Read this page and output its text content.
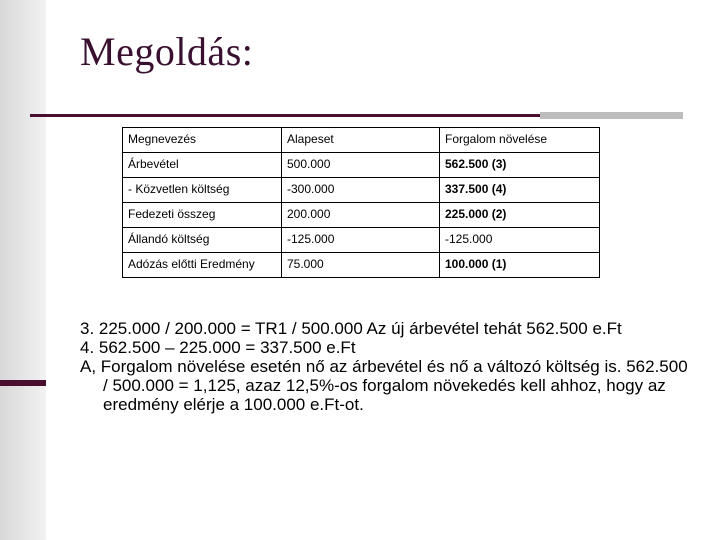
Megoldás:
Megnevezés	Alapeset	Forgalom növelése
Árbevétel	500.000	562.500 (3)
- Közvetlen költség	-300.000	337.500 (4)
Fedezeti összeg	200.000	225.000 (2)
Állandó költség	-125.000	-125.000
Adózás előtti Eredmény	75.000	100.000 (1)

3. 225.000 / 200.000 = TR1 / 500.000 Az új árbevétel tehát 562.500 e.Ft

4. 562.500 – 225.000 = 337.500 e.Ft

A, Forgalom növelése esetén nő az árbevétel és nő a változó költség is. 562.500 / 500.000 = 1,125, azaz 12,5%-os forgalom növekedés kell ahhoz, hogy az eredmény elérje a 100.000 e.Ft-ot.
